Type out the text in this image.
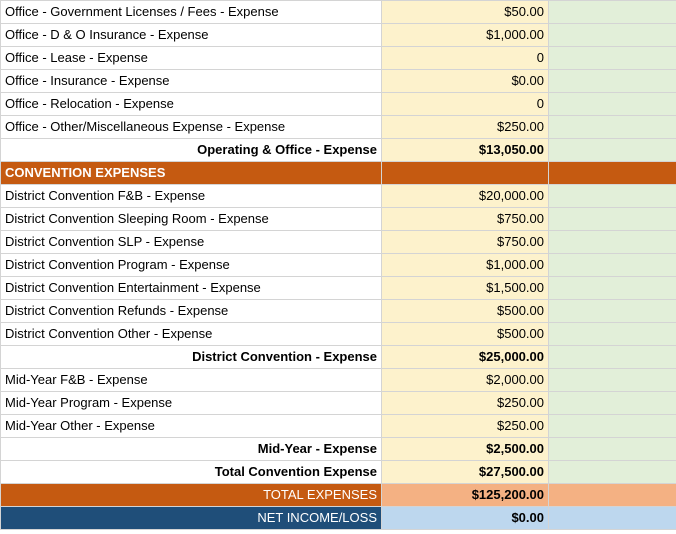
Office - Government Licenses / Fees - Expense	$50.00	
Office - D & O Insurance - Expense	$1,000.00	
Office - Lease - Expense	0	
Office - Insurance - Expense	$0.00	
Office - Relocation - Expense	0	
Office - Other/Miscellaneous Expense - Expense	$250.00	
Operating & Office - Expense	$13,050.00	
CONVENTION EXPENSES		
District Convention F&B - Expense	$20,000.00	
District Convention Sleeping Room - Expense	$750.00	
District Convention SLP - Expense	$750.00	
District Convention Program - Expense	$1,000.00	
District Convention Entertainment - Expense	$1,500.00	
District Convention Refunds - Expense	$500.00	
District Convention Other - Expense	$500.00	
District Convention - Expense	$25,000.00	
Mid-Year F&B - Expense	$2,000.00	
Mid-Year Program - Expense	$250.00	
Mid-Year Other - Expense	$250.00	
Mid-Year - Expense	$2,500.00	
Total Convention Expense	$27,500.00	
TOTAL EXPENSES	$125,200.00	
NET INCOME/LOSS	$0.00	
